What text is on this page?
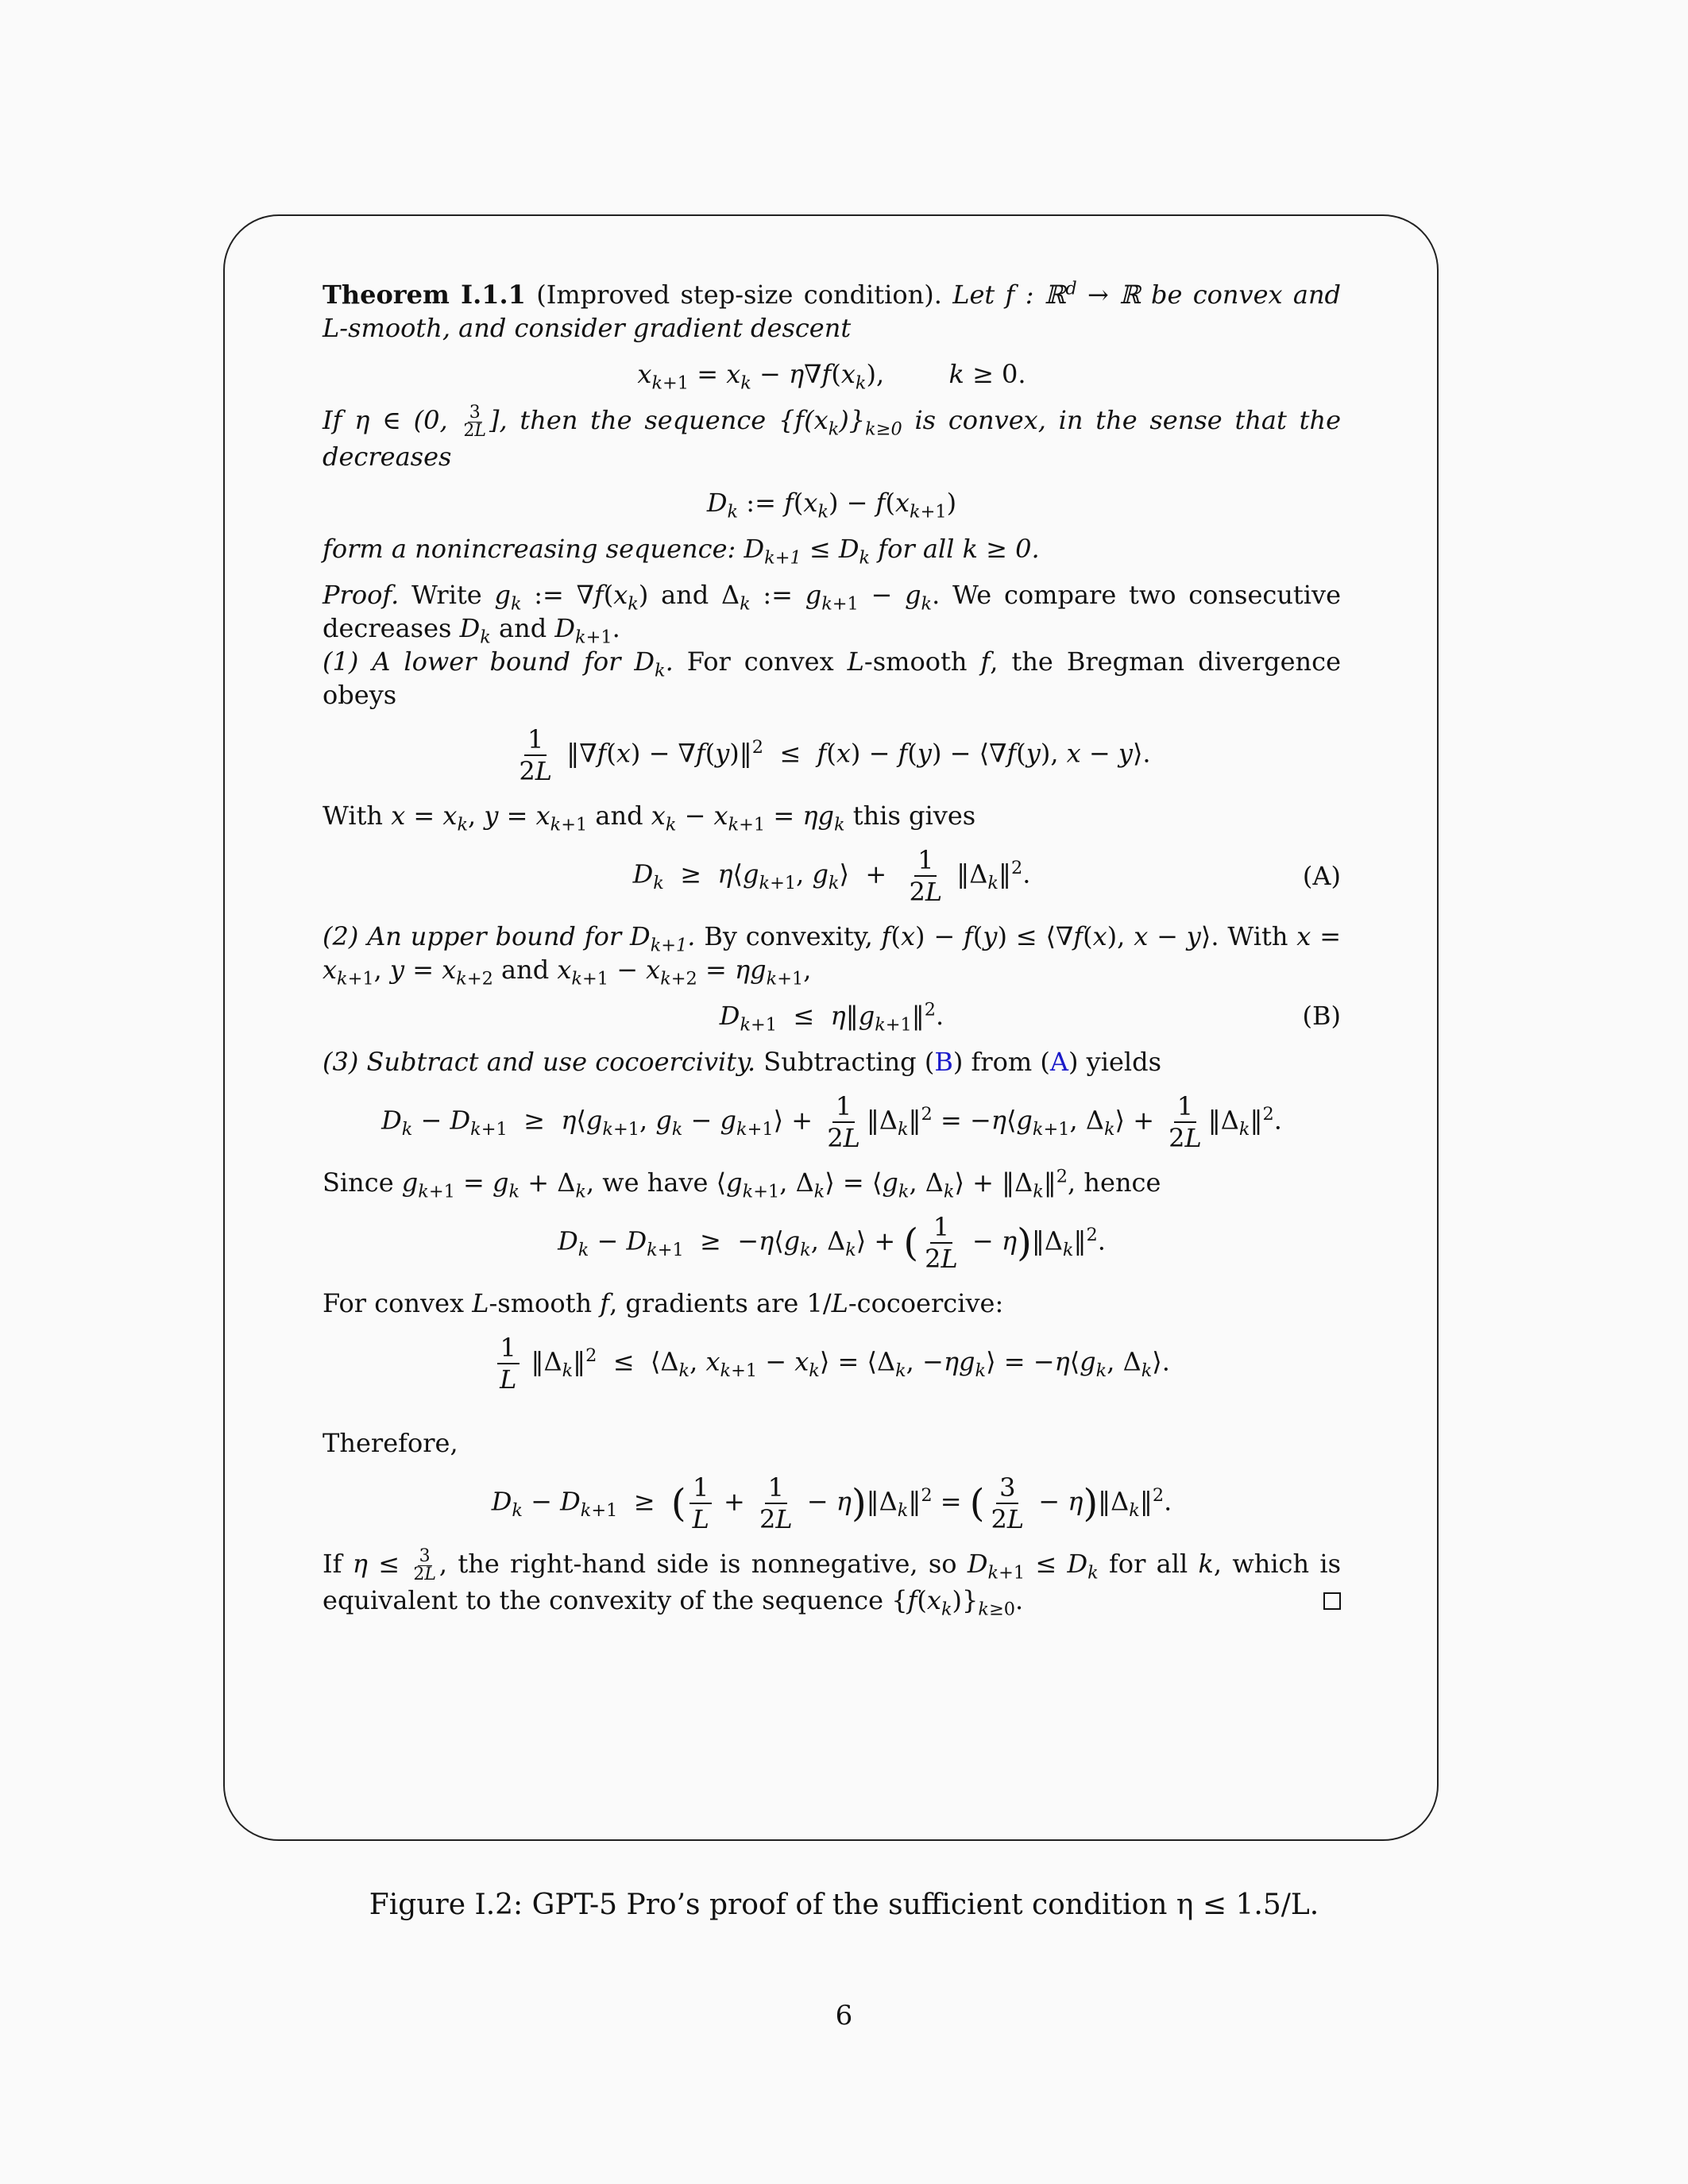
Theorem I.1.1 (Improved step-size condition). Let f : ℝ$^d$ → ℝ be convex and L-smooth, and consider gradient descent

$x_{k+1} = x_k - \eta\nabla f(x_k)$,        k ≥ 0.

If η ∈ (0, $\frac{3}{2L}$ ], then the sequence $\{f(x_k)\}_{k\ge 0}$ is convex, in the sense that the decreases

$D_k$ := $f(x_k) - f(x_{k+1})$

form a nonincreasing sequence: $D_{k+1} \le D_k$ for all k ≥ 0.

Proof. Write $g_k$ := $\nabla f(x_k)$ and $\Delta_k$ := $g_{k+1} - g_k$. We compare two consecutive decreases $D_k$ and $D_{k+1}$.

(1) A lower bound for $D_k$. For convex L-smooth f, the Bregman divergence obeys

$\frac{1}{2L}$ ‖∇f(x) − ∇f(y)‖$^2$  ≤  f(x) − f(y) − ⟨∇f(y), x − y⟩.

With $x = x_k$, $y = x_{k+1}$ and $x_k - x_{k+1} = \eta g_k$ this gives

$D_k$  ≥  $\eta⟨g_{k+1}$, $g_k⟩ + \frac{1}{2L}$ $‖\Delta_k‖^2$.	(A)

(2) An upper bound for $D_{k+1}$. By convexity, f(x) − f(y) ≤ ⟨∇f(x), x − y⟩. With $x = x_{k+1}$, $y = x_{k+2}$ and $x_{k+1} - x_{k+2} = \eta g_{k+1}$,

$D_{k+1}$  ≤  $\eta‖g_{k+1}‖^2$.	(B)

(3) Subtract and use cocoercivity. Subtracting (B) from (A) yields

$D_k - D_{k+1}$  ≥  $\eta⟨g_{k+1}$, $g_k$ − $g_{k+1}⟩ + \frac{1}{2L}$ $‖\Delta_k‖^2$ = $-\eta⟨g_{k+1}$, $\Delta_k⟩ + \frac{1}{2L}$ $‖\Delta_k‖^2$.

Since $g_{k+1} = g_k + \Delta_k$, we have $⟨g_{k+1}$, $\Delta_k⟩$ = $⟨g_k$, $\Delta_k⟩$ + $‖\Delta_k‖^2$, hence

$D_k - D_{k+1}$  ≥  $-\eta⟨g_k$, $\Delta_k⟩$ + ( $\frac{1}{2L}$ − $\eta)‖\Delta_k‖^2$.

For convex L-smooth f, gradients are 1/L-cocoercive:

$\frac{1}{L}$ $‖\Delta_k‖^2$  ≤  $⟨\Delta_k$, $x_{k+1}$ − $x_k⟩$ = $⟨\Delta_k$, $-\eta g_k⟩$ = $-\eta⟨g_k$, $\Delta_k⟩$.

Therefore,

$D_k - D_{k+1}$  ≥  ( $\frac{1}{L} + \frac{1}{2L}$ − $\eta)‖\Delta_k‖^2$ = ( $\frac{3}{2L}$ − $\eta)‖\Delta_k‖^2$.

If $\eta \le \frac{3}{2L}$ , the right-hand side is nonnegative, so $D_{k+1} \le D_k$ for all k, which is equivalent to the convexity of the sequence $\{f(x_k)\}_{k\ge 0}$.

Figure I.2: GPT-5 Pro’s proof of the sufficient condition η ≤ 1.5/L.
6
